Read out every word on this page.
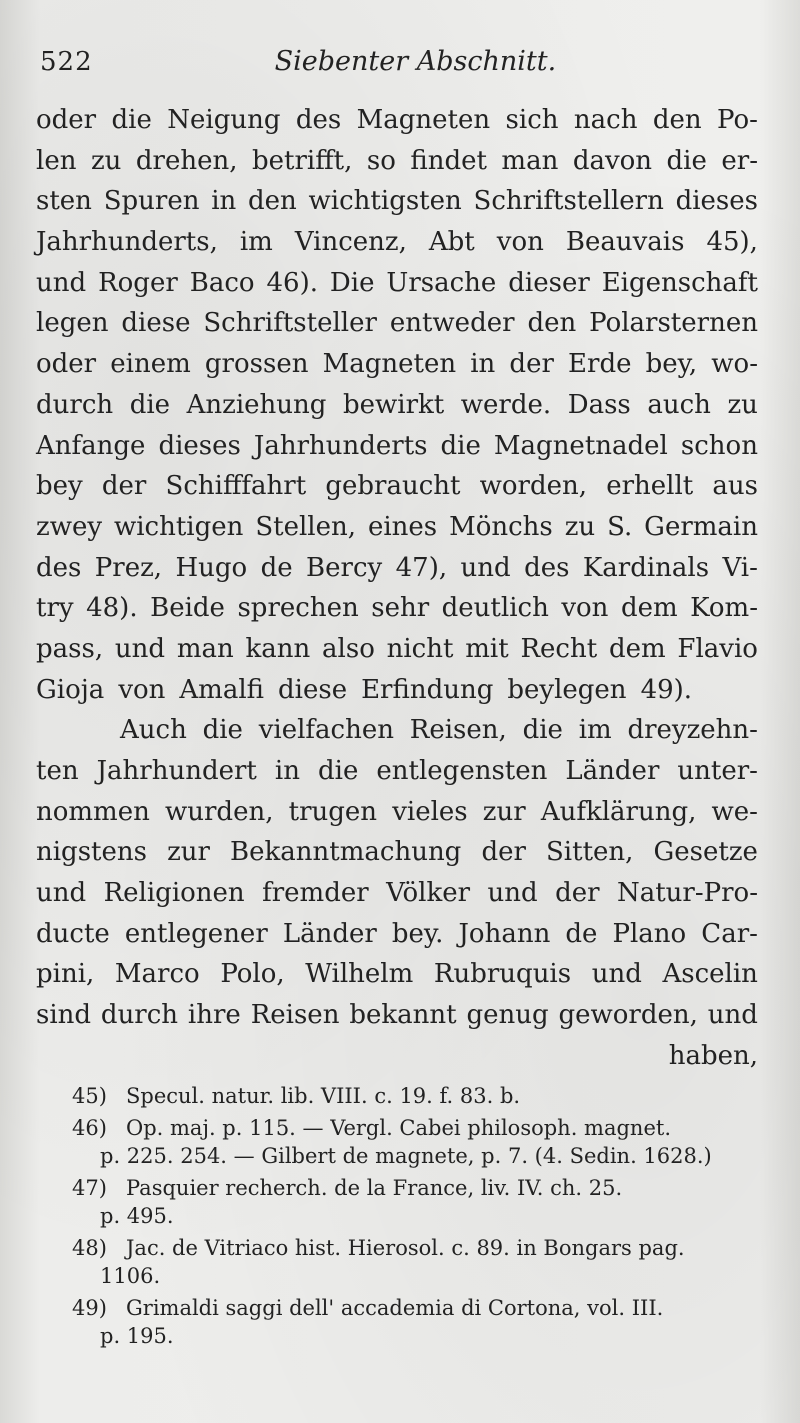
522	Siebenter Abschnitt.
oder die Neigung des Magneten sich nach den Po-
len zu drehen, betrifft, so findet man davon die er-
sten Spuren in den wichtigsten Schriftstellern dieses
Jahrhunderts, im Vincenz, Abt von Beauvais 45),
und Roger Baco 46). Die Ursache dieser Eigenschaft
legen diese Schriftsteller entweder den Polarsternen
oder einem grossen Magneten in der Erde bey, wo-
durch die Anziehung bewirkt werde. Dass auch zu
Anfange dieses Jahrhunderts die Magnetnadel schon
bey der Schifffahrt gebraucht worden, erhellt aus
zwey wichtigen Stellen, eines Mönchs zu S. Germain
des Prez, Hugo de Bercy 47), und des Kardinals Vi-
try 48). Beide sprechen sehr deutlich von dem Kom-
pass, und man kann also nicht mit Recht dem Flavio
Gioja von Amalfi diese Erfindung beylegen 49).
Auch die vielfachen Reisen, die im dreyzehn-
ten Jahrhundert in die entlegensten Länder unter-
nommen wurden, trugen vieles zur Aufklärung, we-
nigstens zur Bekanntmachung der Sitten, Gesetze
und Religionen fremder Völker und der Natur-Pro-
ducte entlegener Länder bey. Johann de Plano Car-
pini, Marco Polo, Wilhelm Rubruquis und Ascelin
sind durch ihre Reisen bekannt genug geworden, und
haben,
45) Specul. natur. lib. VIII. c. 19. f. 83. b.
46) Op. maj. p. 115. — Vergl. Cabei philosoph. magnet.
p. 225. 254. — Gilbert de magnete, p. 7. (4. Sedin. 1628.)
47) Pasquier recherch. de la France, liv. IV. ch. 25.
p. 495.
48) Jac. de Vitriaco hist. Hierosol. c. 89. in Bongars pag.
1106.
49) Grimaldi saggi dell' accademia di Cortona, vol. III.
p. 195.
